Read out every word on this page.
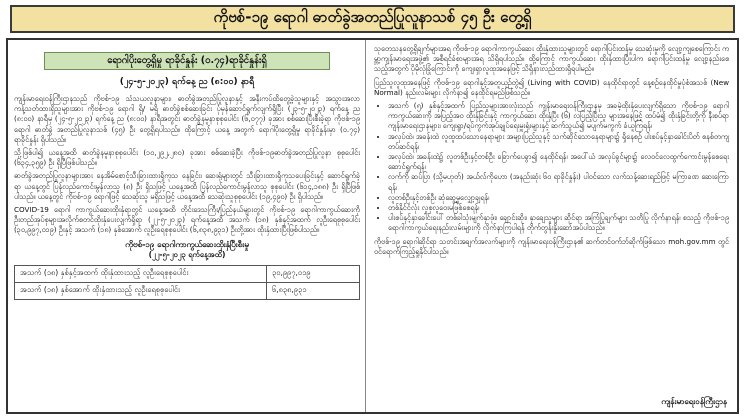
ကိုဗစ်-၁၉ ရောဂါ ဓာတ်ခွဲအတည်ပြုလူနာသစ် ၄၅ ဦး တွေ့ရှိ
ရောဂါပိုးတွေ့ရှိမှု ရာခိုင်နှုန်း (၀.၇၄)ရာခိုင်နှုန်းရှိ
(၂၄-၅-၂၀၂၃) ရက်နေ့ ည (၈:၀၀) နာရီ

ကျန်းမာရေးဝန်ကြီးဌာနသည် ကိုဗစ်-၁၉ သံသယလူနာများ၊ ဓာတ်ခွဲအတည်ပြုလူနာနှင့် အနီးကပ်ထိတွေ့ခဲ့သူများနှင့် အသွားအလာကန့်သတ်ထားရှိသူများအား ကိုဗစ်-၁၉ ရောဂါ ရှိ/ မရှိ ဓာတ်ခွဲစစ်ဆေးခြင်း ပုံမှန်ဆောင်ရွက်လျက်ရှိပြီး (၂၃-၅-၂၀၂၃) ရက်နေ့ ည (၈:၀၀) နာရီမှ (၂၄-၅-၂၀၂၃) ရက်နေ့ ည (၈:၀၀) နာရီအတွင်း ဓာတ်ခွဲနမူနာစုစုပေါင်း (၆,၀၇၇) ခုအား စစ်ဆေးပြီးစီးခဲ့ရာ ကိုဗစ်-၁၉ ရောဂါ ဓာတ်ခွဲ အတည်ပြုလူနာသစ် (၄၅) ဦး တွေ့ရှိရပါသည်။ ထိုကြောင့် ယနေ့ အတွက် ရောဂါပိုးတွေ့ရှိမှု ရာခိုင်နှုန်းမှာ (၀.၇၄) ရာခိုင်နှုန်း ရှိပါသည်။

သို့ဖြစ်ပါ၍ ယနေ့အထိ ဓာတ်ခွဲနမူနာစုစုပေါင်း (၁၀,၂၉၂,၂၈၀) ခုအား စစ်ဆေးခဲ့ပြီး ကိုဗစ်-၁၉ဓာတ်ခွဲအတည်ပြုလူနာ စုစုပေါင်း (၆၃၄,၃၅၉) ဦး ရှိပြီဖြစ်ပါသည်။

ဓာတ်ခွဲအတည်ပြုလူနာများအား နေအိမ်စောင့်သီးခြားထားရှိကုသ နေခြင်း၊ ဆေးရုံများတွင် သီးခြားထားရှိကုသပေးခြင်းနှင့် ဆောင်ရွက်ခဲ့ရာ ယနေ့တွင် ပြန်လည်ကောင်းမွန်လာသူ (၈) ဦး ရှိသဖြင့် ယနေ့အထိ ပြန်လည်ကောင်းမွန်လာသူ စုစုပေါင်း (၆၁၄,၁၈၈) ဦး ရှိပြီဖြစ်ပါသည်။ ယနေ့တွင် ကိုဗစ်-၁၉ ရောဂါဖြင့် သေဆုံးသူ မရှိသဖြင့် ယနေ့အထိ သေဆုံးသူစုစုပေါင်း (၁၉,၄၉၀) ဦး ရှိပါသည်။

COVID-19 ရောဂါ ကာကွယ်ဆေးထိုးနှံရာတွင် ယနေ့အထိ တိုင်းဒေသကြီး/ပြည်နယ်များတွင် ကိုဗစ်-၁၉ ရောဂါကာကွယ်ဆေးကို ဦးတည်အုပ်စုများအလိုက်စတင်ထိုးနှံပေးလျက်ရှိရာ (၂၂-၅-၂၀၂၃) ရက်နေ့အထိ အသက် (၁၈) နှစ်နှင့်အထက် လူဦးရေစုစုပေါင်း (၃၀,၉၉၇,၀၁၉) ဦးနှင့် အသက် (၁၈) နှစ်အောက် လူဦးရေစုစုပေါင်း (၆,၈၃၈,၉၃၁) ဦးတို့အား ထိုးနှံထားပြီးဖြစ်ပါသည်။

ကိုဗစ်-၁၉ ရောဂါကာကွယ်ဆေးထိုးနှံပြီးစီးမှု
(၂၂-၅-၂၀၂၃ ရက်နေ့အထိ)
အသက် (၁၈) နှစ်နှင့်အထက် ထိုးနှံထားသည့် လူဦးရေစုစုပေါင်း	၃၀,၉၉၇,၀၁၉
အသက် (၁၈) နှစ်အောက် ထိုးနှံထားသည့် လူဦးရေစုစုပေါင်း	၆,၈၃၈,၉၃၁

သုတေသနတွေ့ရှိချက်များအရ ကိုဗစ်-၁၉ ရောဂါကာကွယ်ဆေး ထိုးနှံထားသူများတွင် ရောဂါပြင်းထန်မှု သေဆုံးမှုကို လျော့ကျစေကြောင်း ကမ္ဘာ့ကျန်းမာရေးအဖွဲ့၏ အစီရင်ခံစာများအရ သိရှိရပါသည်။ ထို့ကြောင့် ကာကွယ်ဆေး ထိုးနှံထားပြီးပါက ရောဂါပြင်းထန်မှု လျော့နည်းစေသည့်အတွက် ပိုမိုလုံခြုံကြောင်းကို ကျေးရှာလူထုအနေဖြင့် သိရှိနားလည်ထားရှိရပါမည်။

ပြည်သူလူထုအနေဖြင့် ကိုဗစ်-၁၉ ရောဂါနှင့်အတူယှဉ်တွဲ၍ (Living with COVID) နေထိုင်ရာတွင် နေ့စဉ်နေထိုင်မှုပုံစံအသစ် (New Normal) နည်းလမ်းများ လိုက်နာ၍ နေထိုင်ရမည်ဖြစ်သည်။

• အသက် (၅) နှစ်နှင့်အထက် ပြည်သူများအားလုံးသည် ကျန်းမာရေးဝန်ကြီးဌာနမှ အခမဲ့ထိုးနှံပေးလျက်ရှိသော ကိုဗစ်-၁၉ ရောဂါ ကာကွယ်ဆေးကို အပြည့်အဝ ထိုးနှံခြင်းနှင့် ကာကွယ်ဆေး ထိုးနှံပြီး (၆) လပြည့်ပြီးသူ များအနေဖြင့် ထပ်မံ၍ ထိုးနှံခြင်းတို့ကို နီးစပ်ရာ ကျန်းမာရေးဌာနများ၊ ကျေးရွာ/ရပ်ကွက်အုပ်ချုပ်ရေးမှူးရုံးများနှင့် ဆက်သွယ်၍ မပျက်မကွက် ခံယူကြရန်၊
• အလုပ်ထဲ၊ အခန်းထဲ လူထူထပ်သောနေရာများ အများပြည်သူနှင့် သက်ဆိုင်သောနေရာများ၌ ရှိနေစဉ် ပါးစပ်နှင့်နှာခေါင်းပိတ် စနစ်တကျ တပ်ဆင်ရန်၊
• အလုပ်ထဲ၊ အခန်းထဲ၌ လူတစ်ဦးနှင့်တစ်ဦး ခြောက်ပေခွာ၍ နေထိုင်ရန်၊ အပေါ်ယံ အလုပ်ခွင်များ၌ လေဝင်လေထွက်ကောင်းမွန်စေရေး ဆောင်ရွက်ရန်၊
• လက်ကို ဆပ်ပြာ (သို့မဟုတ်) အယ်လ်ကိုဟော (အနည်းဆုံး ၆၀ ရာခိုင်နှုန်း) ပါဝင်သော လက်သန့်ဆေးရည်ဖြင့် မကြာခဏ ဆေးကြောရန်၊
• လူတစ်ဦးနှင့်တစ်ဦး ဆုံဆွေ့မှုလျှော့ချရန်၊
• တစ်နိုင်ငံလုံး လူစုလူဝေးမဖြစ်စေရန်၊
• ပါးစပ်နှင့်နှာခေါင်းပေါ် တစ်ခါသုံးမျက်နှာဖုံး၊ ချောင်းဆိုး၊ နှာချေသူများ ဆိုင်ရာ အကြံပြုချက်များ သတိပြု လိုက်နာရန်၊ စသည့် ကိုဗစ်-၁၉ ရောဂါကာကွယ်ရေးနည်းလမ်းများကို လိုက်နာကြပါရန် တိုက်တွန်းနှိုးဆော်အပ်ပါသည်။

ကိုဗစ်-၁၉ ရောဂါဆိုင်ရာ သတင်းအချက်အလက်များကို ကျန်းမာရေးဝန်ကြီးဌာန၏ ဆက်တင်ဝက်ဘ်ဆိုက်ဖြစ်သော moh.gov.mm တွင် ဝင်ရောက်ကြည့်ရှုနိုင်ပါသည်။

ကျန်းမာရေးဝန်ကြီးဌာန
